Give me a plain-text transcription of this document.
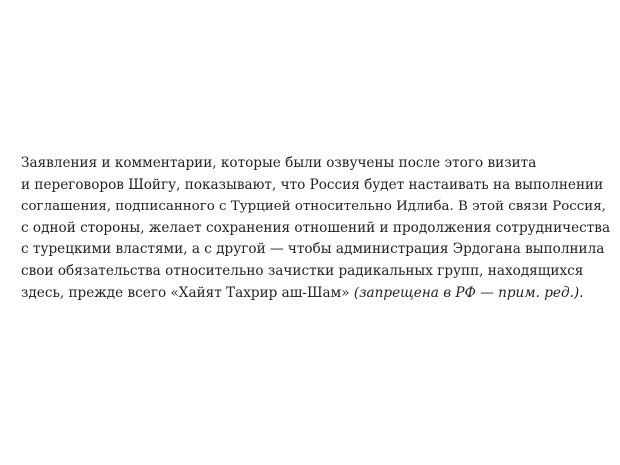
Заявления и комментарии, которые были озвучены после этого визита
и переговоров Шойгу, показывают, что Россия будет настаивать на выполнении
соглашения, подписанного с Турцией относительно Идлиба. В этой связи Россия,
с одной стороны, желает сохранения отношений и продолжения сотрудничества
с турецкими властями, а с другой — чтобы администрация Эрдогана выполнила
свои обязательства относительно зачистки радикальных групп, находящихся
здесь, прежде всего «Хайят Тахрир аш-Шам» (запрещена в РФ — прим. ред.).
